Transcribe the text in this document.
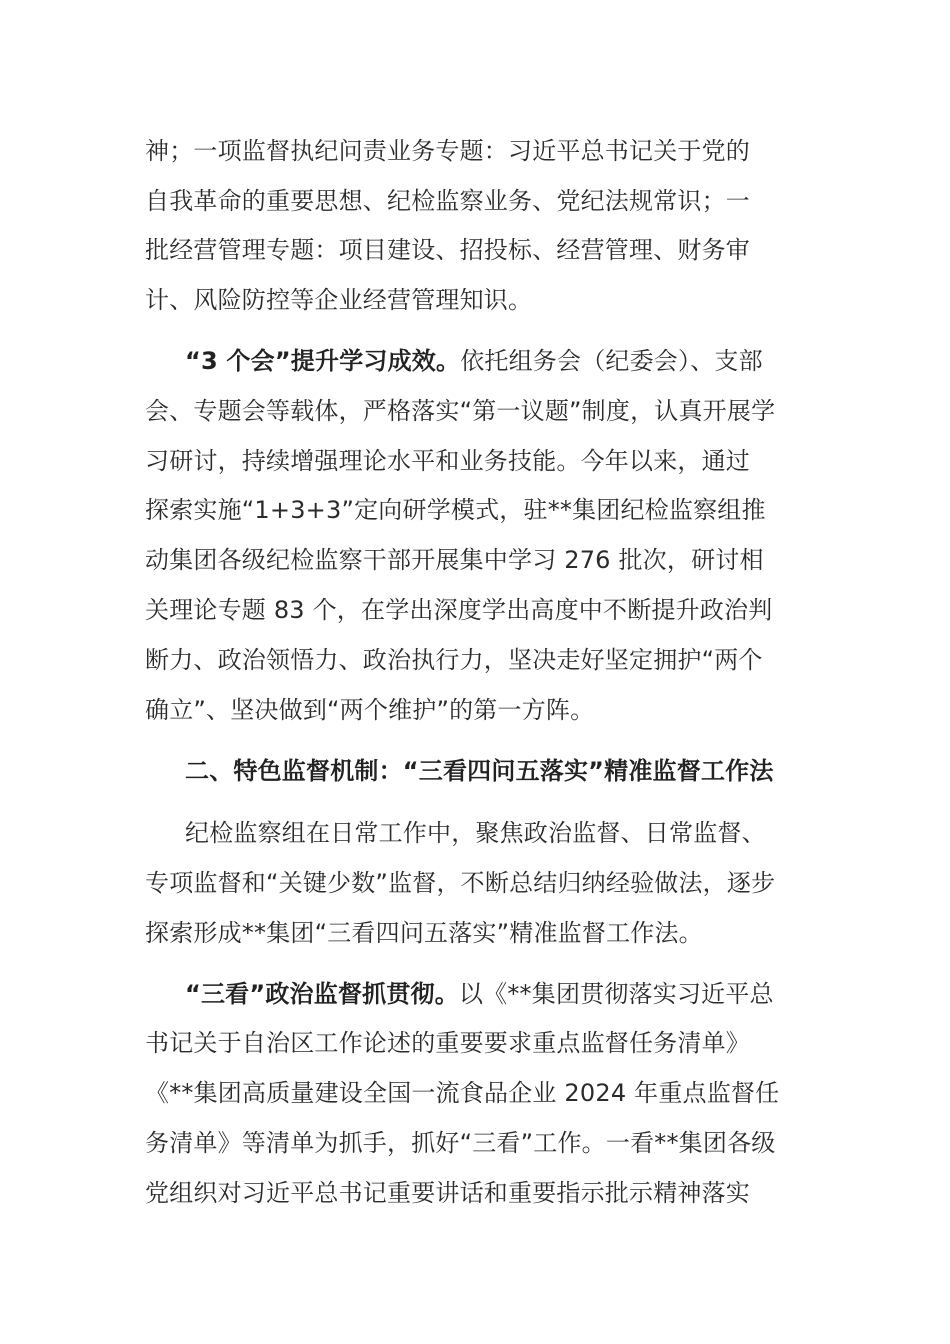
神；一项监督执纪问责业务专题：习近平总书记关于党的
自我革命的重要思想、纪检监察业务、党纪法规常识；一
批经营管理专题：项目建设、招投标、经营管理、财务审
计、风险防控等企业经营管理知识。
“3 个会”提升学习成效。依托组务会（纪委会）、支部
会、专题会等载体，严格落实“第一议题”制度，认真开展学
习研讨，持续增强理论水平和业务技能。今年以来，通过
探索实施“1+3+3”定向研学模式，驻**集团纪检监察组推
动集团各级纪检监察干部开展集中学习 276 批次，研讨相
关理论专题 83 个，在学出深度学出高度中不断提升政治判
断力、政治领悟力、政治执行力，坚决走好坚定拥护“两个
确立”、坚决做到“两个维护”的第一方阵。
二、特色监督机制：“三看四问五落实”精准监督工作法
纪检监察组在日常工作中，聚焦政治监督、日常监督、
专项监督和“关键少数”监督，不断总结归纳经验做法，逐步
探索形成**集团“三看四问五落实”精准监督工作法。
“三看”政治监督抓贯彻。以《**集团贯彻落实习近平总
书记关于自治区工作论述的重要要求重点监督任务清单》
《**集团高质量建设全国一流食品企业 2024 年重点监督任
务清单》等清单为抓手，抓好“三看”工作。一看**集团各级
党组织对习近平总书记重要讲话和重要指示批示精神落实
